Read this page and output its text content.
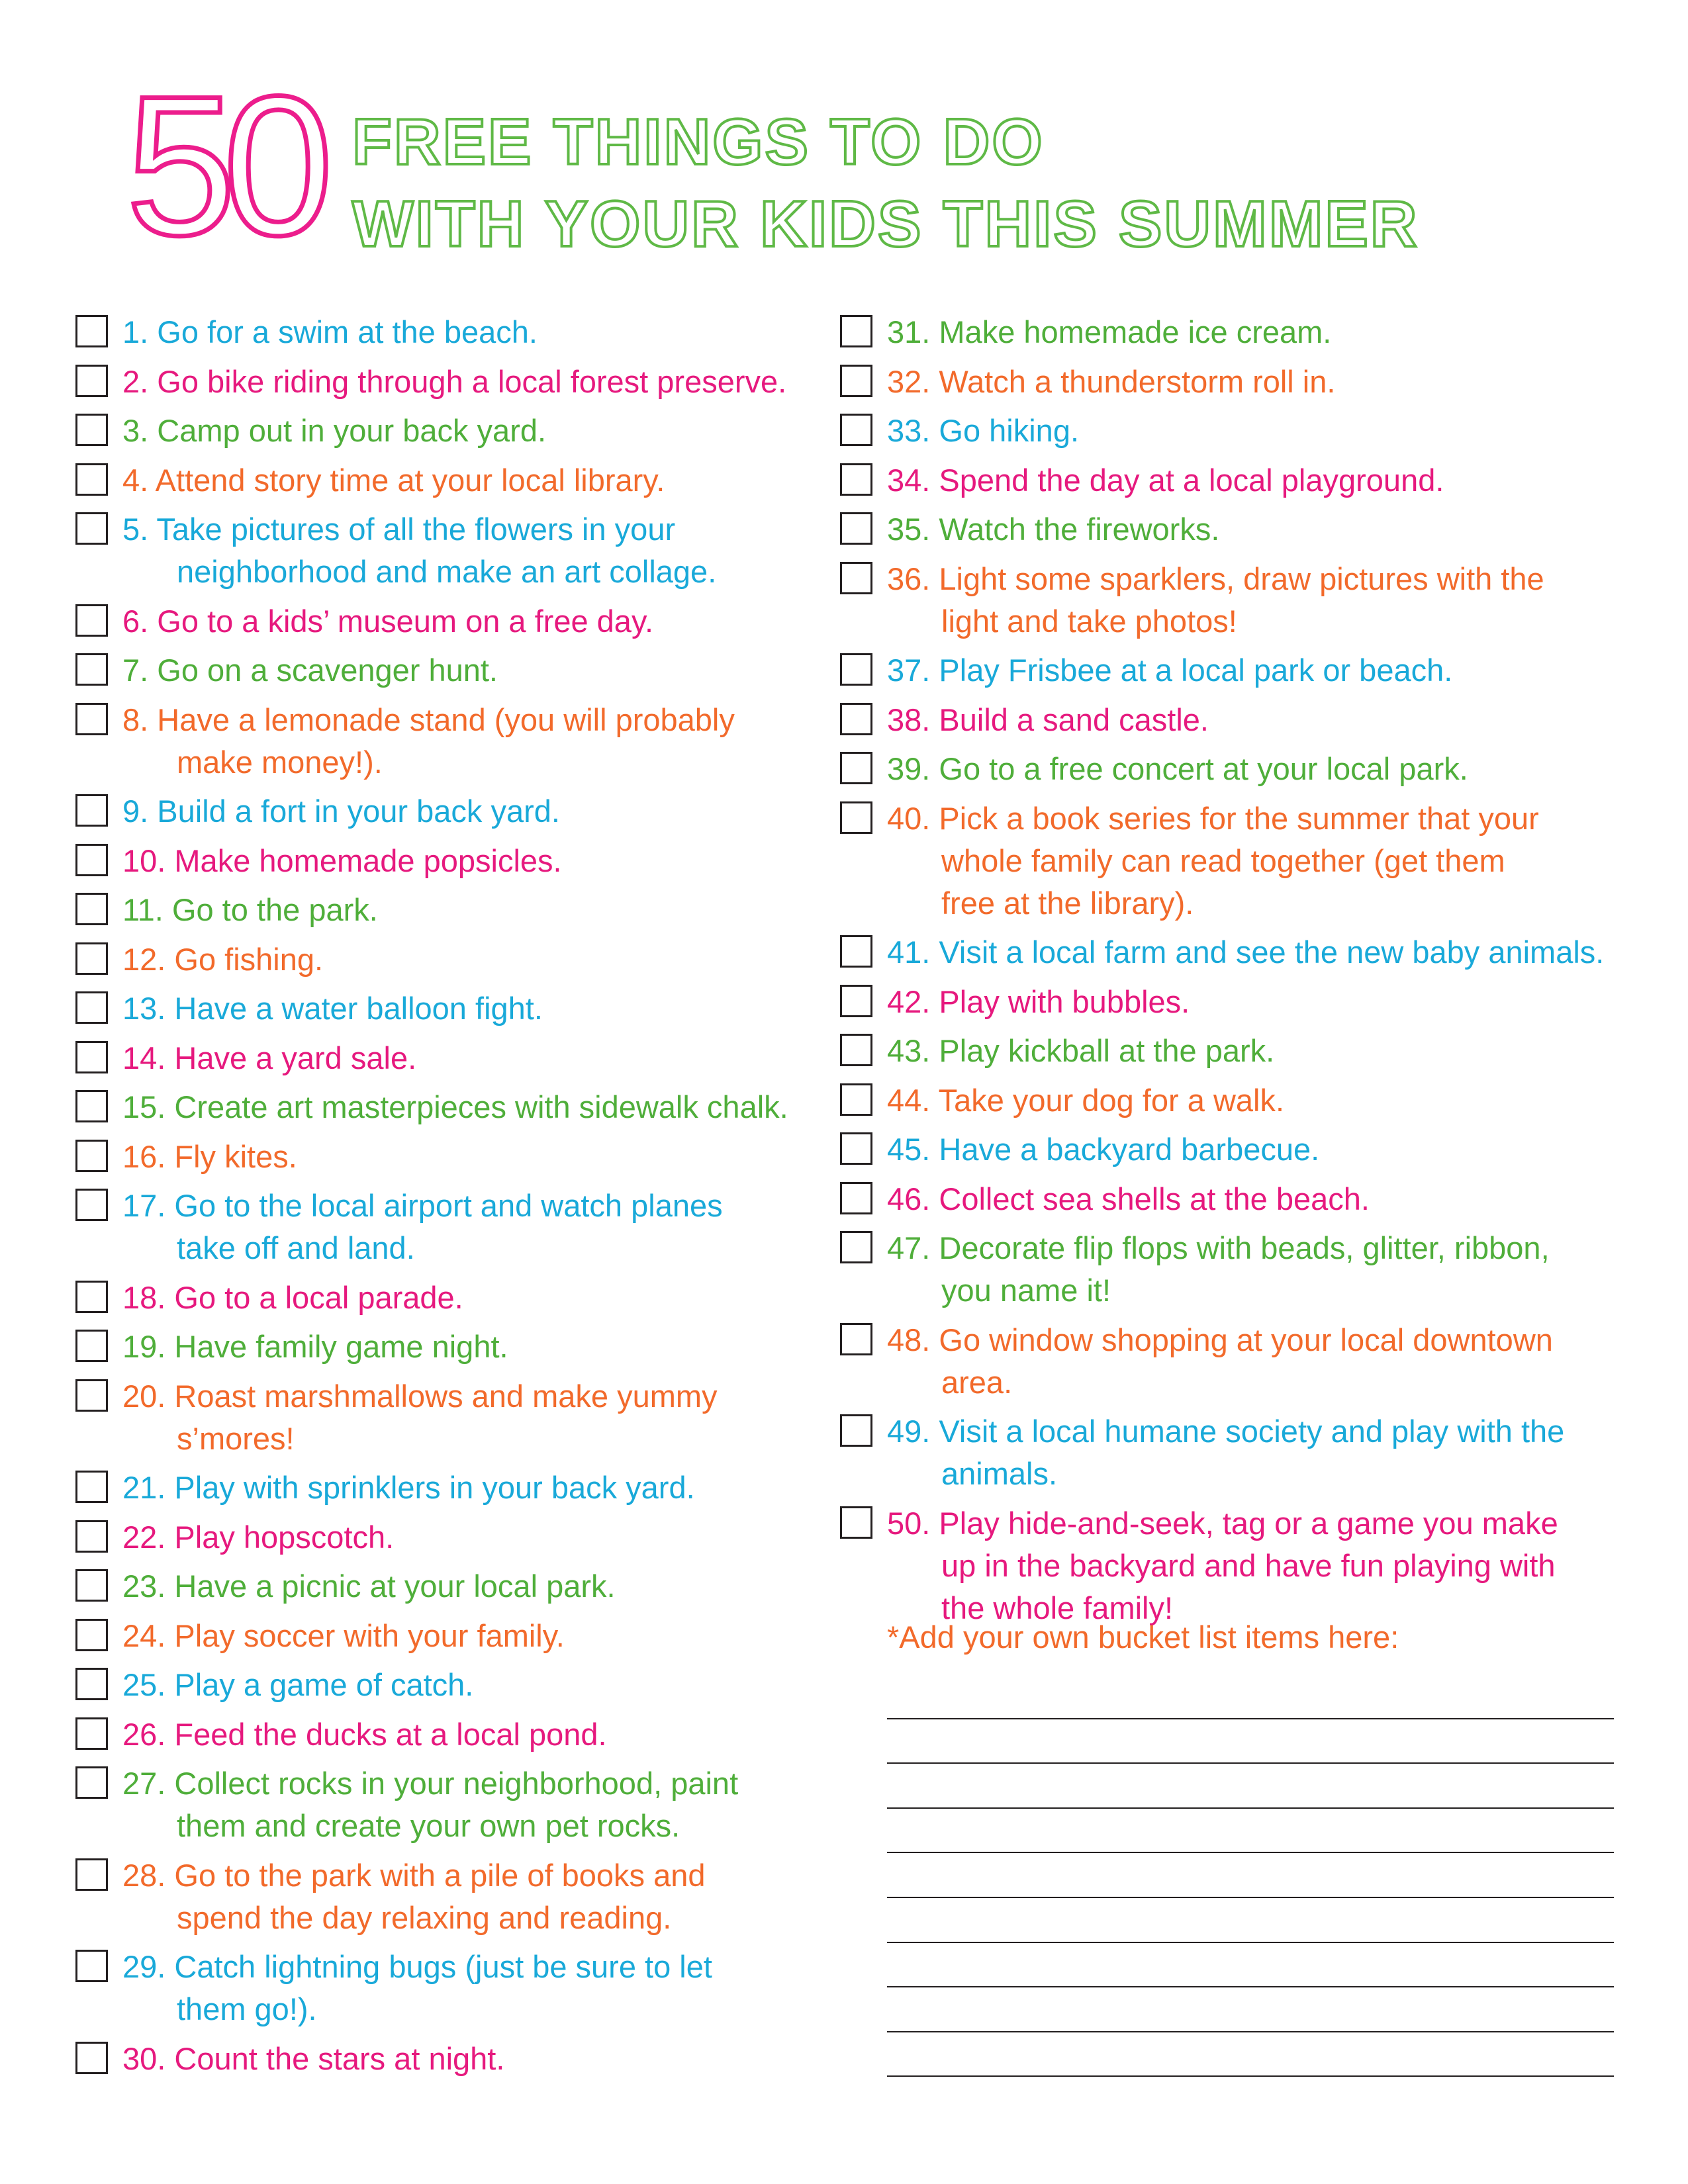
50 FREE THINGS TO DO
WITH YOUR KIDS THIS SUMMER
1. Go for a swim at the beach.
2. Go bike riding through a local forest preserve.
3. Camp out in your back yard.
4. Attend story time at your local library.
5. Take pictures of all the flowers in your
neighborhood and make an art collage.
6. Go to a kids’ museum on a free day.
7. Go on a scavenger hunt.
8. Have a lemonade stand (you will probably
make money!).
9. Build a fort in your back yard.
10. Make homemade popsicles.
11. Go to the park.
12. Go fishing.
13. Have a water balloon fight.
14. Have a yard sale.
15. Create art masterpieces with sidewalk chalk.
16. Fly kites.
17. Go to the local airport and watch planes
take off and land.
18. Go to a local parade.
19. Have family game night.
20. Roast marshmallows and make yummy
s’mores!
21. Play with sprinklers in your back yard.
22. Play hopscotch.
23. Have a picnic at your local park.
24. Play soccer with your family.
25. Play a game of catch.
26. Feed the ducks at a local pond.
27. Collect rocks in your neighborhood, paint
them and create your own pet rocks.
28. Go to the park with a pile of books and
spend the day relaxing and reading.
29. Catch lightning bugs (just be sure to let
them go!).
30. Count the stars at night.
31. Make homemade ice cream.
32. Watch a thunderstorm roll in.
33. Go hiking.
34. Spend the day at a local playground.
35. Watch the fireworks.
36. Light some sparklers, draw pictures with the
light and take photos!
37. Play Frisbee at a local park or beach.
38. Build a sand castle.
39. Go to a free concert at your local park.
40. Pick a book series for the summer that your
whole family can read together (get them
free at the library).
41. Visit a local farm and see the new baby animals.
42. Play with bubbles.
43. Play kickball at the park.
44. Take your dog for a walk.
45. Have a backyard barbecue.
46. Collect sea shells at the beach.
47. Decorate flip flops with beads, glitter, ribbon,
you name it!
48. Go window shopping at your local downtown
area.
49. Visit a local humane society and play with the
animals.
50. Play hide-and-seek, tag or a game you make
up in the backyard and have fun playing with
the whole family!
*Add your own bucket list items here:
